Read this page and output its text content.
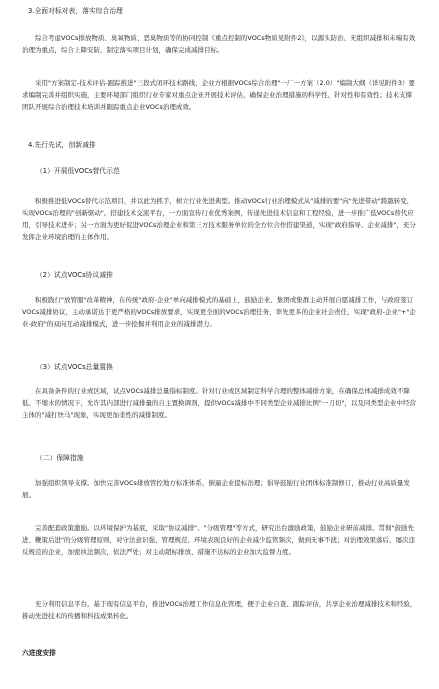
3.全面对标对表，落实综合治理
综合考虑VOCs排放物质、臭氧物质、恶臭物质等的协同控制《重点控制的VOCs物质见附件2》，以源头防治、无组织减排和末端有效治理为重点，综合上降安防，制定落实项目计划，确保完成减排目标。
采用"方案制定-技术评估-跟踪推进"三段式闭环技术路线，企业方根据VOCs综合治理"一厂一方案（2.0）"编制大纲（详见附件3）要求编制完善并组织实施，主要环境部门组织行业专家对重点企业开展技术评估，确保企业治理措施的科学性、针对性和有效性；技术支撑团队开展综合治理技术培训并跟踪重点企业VOCs治理成效。
4.先行先试，创新减排
（1）开展低VOCs替代示范
积极推进低VOCs替代示范项目，并以此为抓手，树立行业先进典型。推动VOCs行业治理模式从"减排的要"向"先进带动"跨越转变，实现VOCs治理的"创新驱动"。搭建技术交流平台，一方面宣传行业优秀案例，传递先进技术信息和工程经验，进一步推广低VOCs替代应用，引导技术进步；另一方面为更好促进VOCs治理企业和第三方技术服务单位的全方位合作搭建渠道，实现"政府指导、企业减排"，充分发挥企业环境治理的主体作用。
（2）试点VOCs协议减排
积极践行"放管服"改革精神，在传统"政府-企业"单向减排模式的基础上，鼓励企业、集团或集群主动开展自愿减排工作，与政府签订VOCs减排协议，主动承诺达于更严格的VOCs排放要求，实现更全面的VOCs治理任务，率先更多的企业社会责任，实现"政府-企业"+"企业-政府"的双向互动减排模式，进一步挖掘并利用企业的减排潜力。
（3）试点VOCs总量置换
在具备条件的行业或区域，试点VOCs减排总量指标制度。针对行业或区域制定科学合理的整体减排方案，在确保总体减排成效不降低、不缩水的情况下，允许其内部进行减排量的自主置换调剂，提供VOCs减排中不同类型企业减排比例"一刀切"，以及同类型企业中经营主体的"减打快马"现象，实现更加柔性的减排制度。
（二）保障措施
加强组织领导支撑。加快完善VOCs排放管控地方标准体系，倒逼企业提标治理；倡导鼓励行业团体标准制修订，推动行业高质量发展。
完善配套政策激励。以环境保护为基底，采取"协议减排"、"分级管理"等方式，研究出台激励政策，鼓励企业研前减排。贯彻"鼓励先进、鞭策后进"的分级管理原则，对守法意识强、管理规范、环境表现良好的企业减少监管频次，做到无事不扰；对治理效果落后、屡次违反规范的企业，加密执法频次，依法严处；对主动超标排放、措施不达标的企业加大监督力度。
充分利用信息平台。基于现有信息平台，推进VOCs治理工作信息化管理，便于企业自查、跟踪评估，共享企业治理减排技术和经验，推动先进技术的传播和科技成果转化。
六进度安排
